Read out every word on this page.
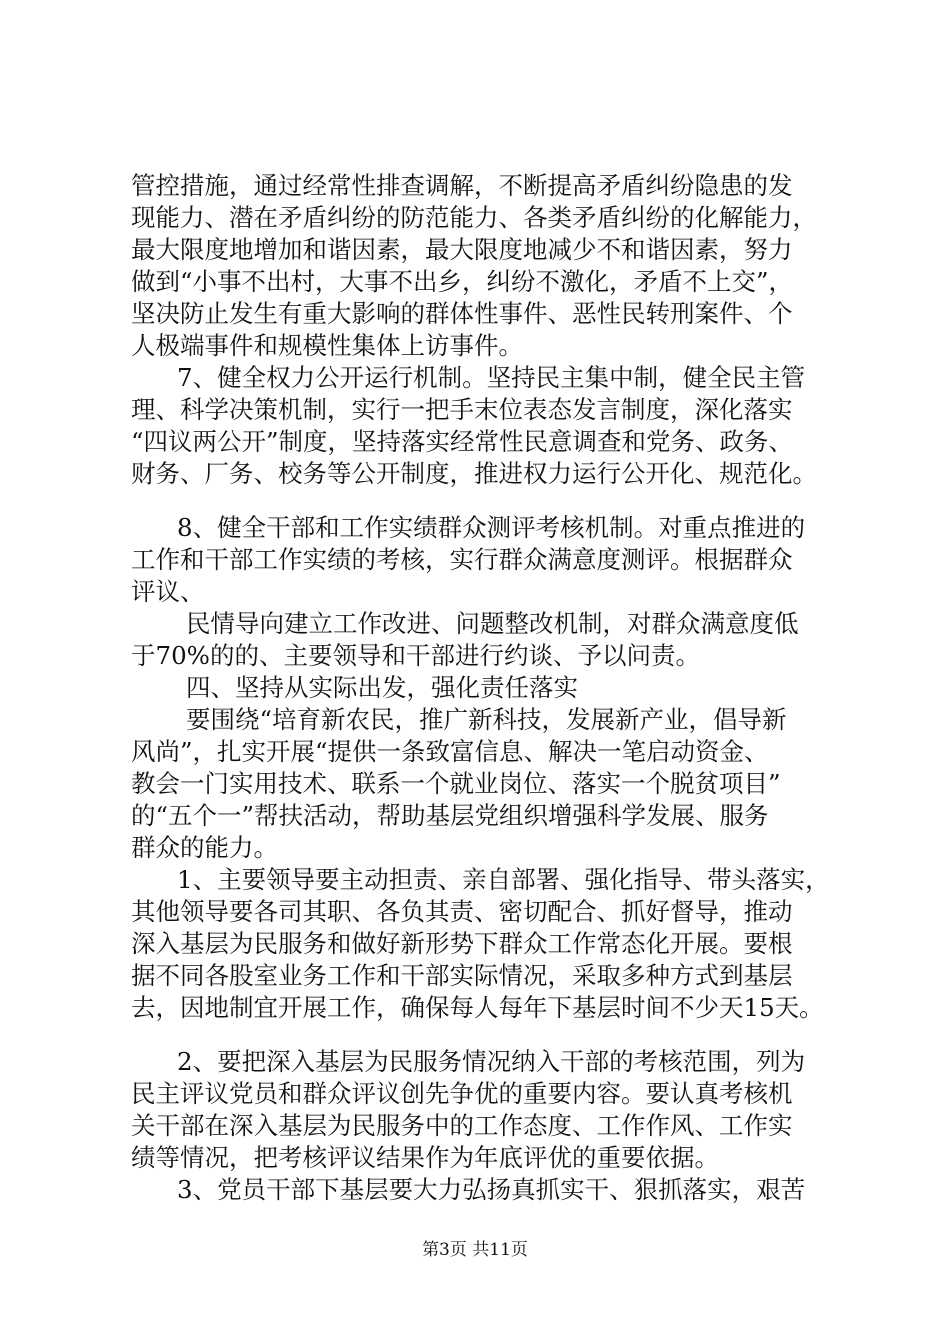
管控措施，通过经常性排查调解，不断提高矛盾纠纷隐患的发
现能力、潜在矛盾纠纷的防范能力、各类矛盾纠纷的化解能力，
最大限度地增加和谐因素，最大限度地减少不和谐因素，努力
做到“小事不出村，大事不出乡，纠纷不激化，矛盾不上交”，
坚决防止发生有重大影响的群体性事件、恶性民转刑案件、个
人极端事件和规模性集体上访事件。
7、健全权力公开运行机制。坚持民主集中制，健全民主管
理、科学决策机制，实行一把手末位表态发言制度，深化落实
“四议两公开”制度，坚持落实经常性民意调查和党务、政务、
财务、厂务、校务等公开制度，推进权力运行公开化、规范化。
8、健全干部和工作实绩群众测评考核机制。对重点推进的
工作和干部工作实绩的考核，实行群众满意度测评。根据群众
评议、
民情导向建立工作改进、问题整改机制，对群众满意度低
于70%的的、主要领导和干部进行约谈、予以问责。
四、坚持从实际出发，强化责任落实
要围绕“培育新农民，推广新科技，发展新产业，倡导新
风尚”，扎实开展“提供一条致富信息、解决一笔启动资金、
教会一门实用技术、联系一个就业岗位、落实一个脱贫项目”
的“五个一”帮扶活动，帮助基层党组织增强科学发展、服务
群众的能力。
1、主要领导要主动担责、亲自部署、强化指导、带头落实，
其他领导要各司其职、各负其责、密切配合、抓好督导，推动
深入基层为民服务和做好新形势下群众工作常态化开展。要根
据不同各股室业务工作和干部实际情况，采取多种方式到基层
去，因地制宜开展工作，确保每人每年下基层时间不少天15天。
2、要把深入基层为民服务情况纳入干部的考核范围，列为
民主评议党员和群众评议创先争优的重要内容。要认真考核机
关干部在深入基层为民服务中的工作态度、工作作风、工作实
绩等情况，把考核评议结果作为年底评优的重要依据。
3、党员干部下基层要大力弘扬真抓实干、狠抓落实，艰苦
第3页 共11页
